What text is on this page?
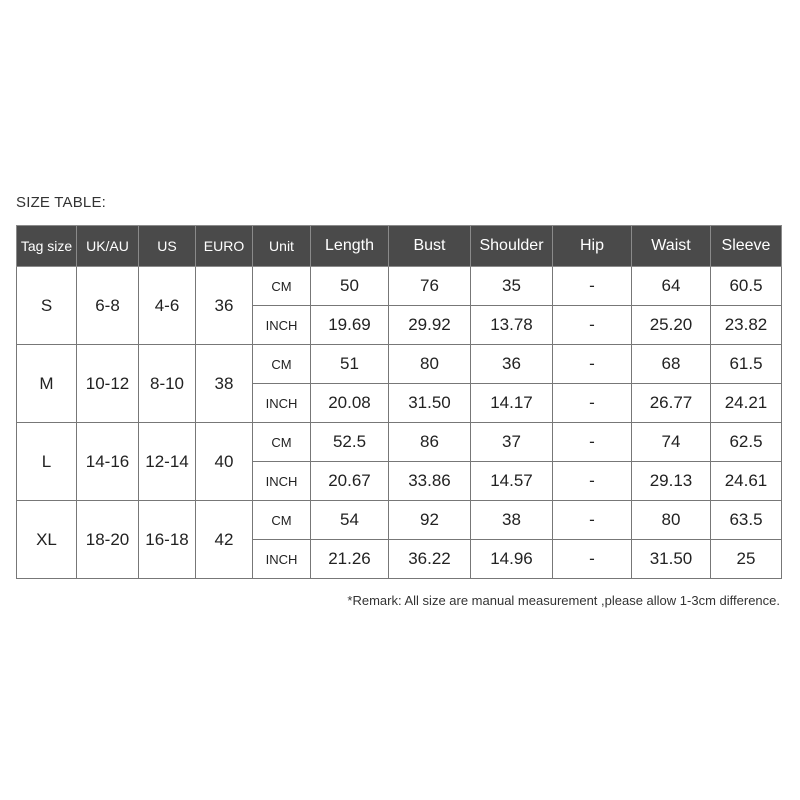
SIZE TABLE:
Tag size	UK/AU	US	EURO	Unit	Length	Bust	Shoulder	Hip	Waist	Sleeve
S	6-8	4-6	36	CM	50	76	35	-	64	60.5
				INCH	19.69	29.92	13.78	-	25.20	23.82
M	10-12	8-10	38	CM	51	80	36	-	68	61.5
				INCH	20.08	31.50	14.17	-	26.77	24.21
L	14-16	12-14	40	CM	52.5	86	37	-	74	62.5
				INCH	20.67	33.86	14.57	-	29.13	24.61
XL	18-20	16-18	42	CM	54	92	38	-	80	63.5
				INCH	21.26	36.22	14.96	-	31.50	25
*Remark: All size are manual measurement ,please allow 1-3cm difference.
